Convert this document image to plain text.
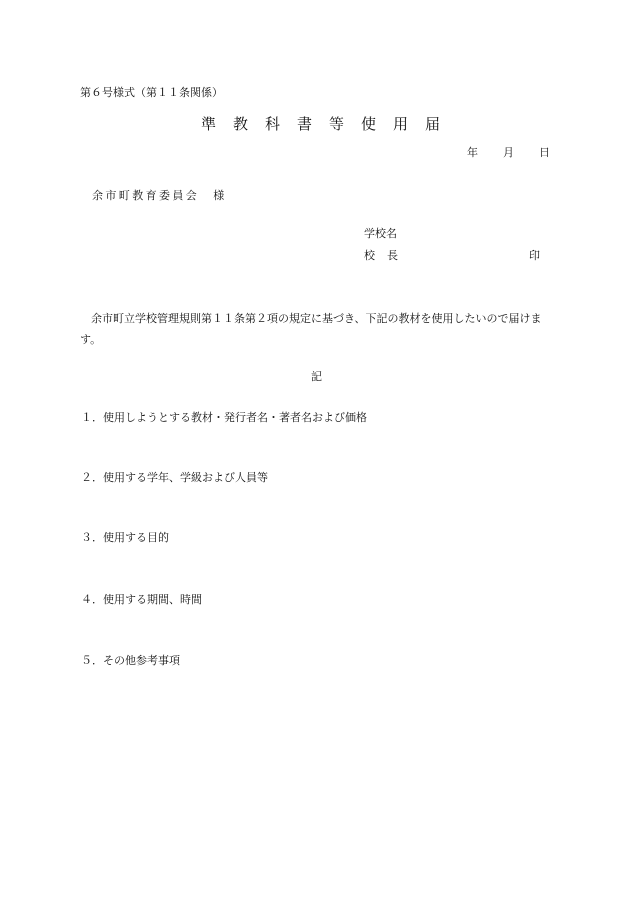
第６号様式（第１１条関係）
準教科書等使用届
年 月 日
余市町教育委員会 様
学校名
校長	印
余市町立学校管理規則第１１条第２項の規定に基づき、下記の教材を使用したいので届けます。
記
１．使用しようとする教材・発行者名・著者名および価格
２．使用する学年、学級および人員等
３．使用する目的
４．使用する期間、時間
５．その他参考事項
